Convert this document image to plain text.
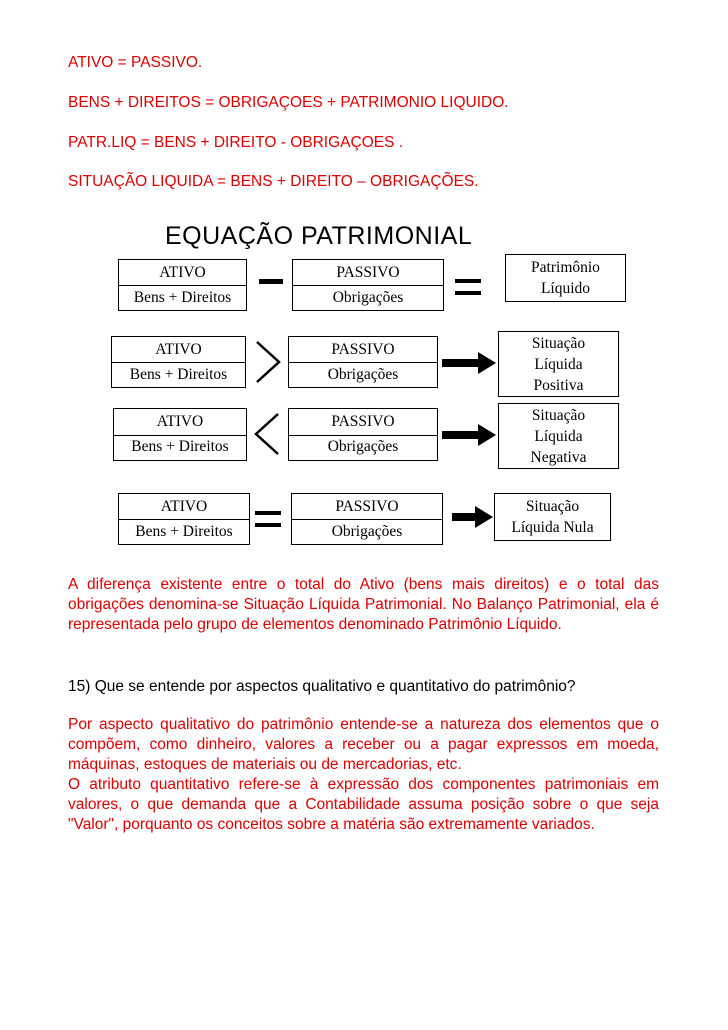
ATIVO = PASSIVO.
BENS + DIREITOS = OBRIGAÇOES + PATRIMONIO LIQUIDO.
PATR.LIQ = BENS + DIREITO - OBRIGAÇOES .
SITUAÇÃO LIQUIDA = BENS + DIREITO – OBRIGAÇÕES.
EQUAÇÃO PATRIMONIAL
ATIVO
Bens + Direitos
PASSIVO
Obrigações
Patrimônio
Líquido
ATIVO
Bens + Direitos
PASSIVO
Obrigações
Situação
Líquida
Positiva
ATIVO
Bens + Direitos
PASSIVO
Obrigações
Situação
Líquida
Negativa
ATIVO
Bens + Direitos
PASSIVO
Obrigações
Situação
Líquida Nula

A diferença existente entre o total do Ativo (bens mais direitos) e o total das obrigações denomina-se Situação Líquida Patrimonial. No Balanço Patrimonial, ela é representada pelo grupo de elementos denominado Patrimônio Líquido.

15) Que se entende por aspectos qualitativo e quantitativo do patrimônio?

Por aspecto qualitativo do patrimônio entende-se a natureza dos elementos que o compõem, como dinheiro, valores a receber ou a pagar expressos em moeda, máquinas, estoques de materiais ou de mercadorias, etc.

O atributo quantitativo refere-se à expressão dos componentes patrimoniais em valores, o que demanda que a Contabilidade assuma posição sobre o que seja "Valor", porquanto os conceitos sobre a matéria são extremamente variados.
